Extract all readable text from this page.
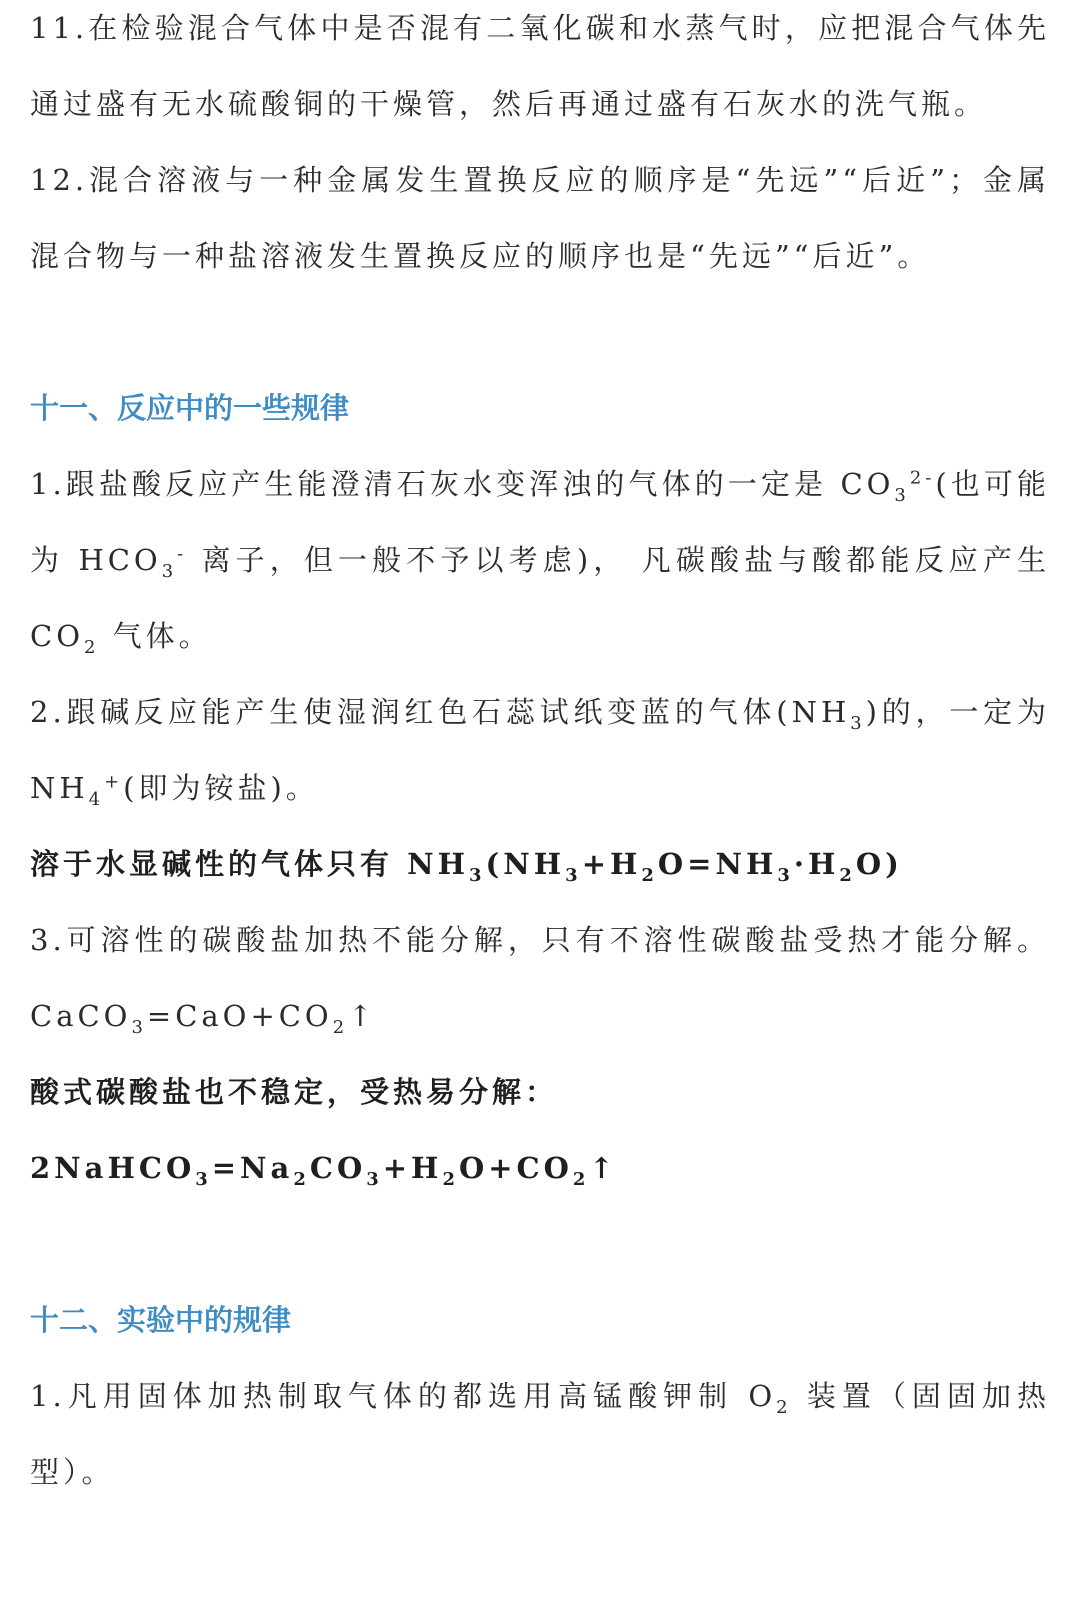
11.在检验混合气体中是否混有二氧化碳和水蒸气时，应把混合气体先通过盛有无水硫酸铜的干燥管，然后再通过盛有石灰水的洗气瓶。

12.混合溶液与一种金属发生置换反应的顺序是“先远”“后近”；金属混合物与一种盐溶液发生置换反应的顺序也是“先远”“后近”。

十一、反应中的一些规律

1.跟盐酸反应产生能澄清石灰水变浑浊的气体的一定是 $CO_3^{2-}$(也可能为 $HCO_3^-$ 离子，但一般不予以考虑)， 凡碳酸盐与酸都能反应产生 $CO_2$ 气体。

2.跟碱反应能产生使湿润红色石蕊试纸变蓝的气体$(NH_3)$的，一定为 $NH_4^+$(即为铵盐)。

溶于水显碱性的气体只有 $NH_3(NH_3+H_2O=NH_3\cdot H_2O)$

3.可溶性的碳酸盐加热不能分解，只有不溶性碳酸盐受热才能分解。 $CaCO_3=CaO+CO_2↑$

酸式碳酸盐也不稳定，受热易分解：

$2NaHCO_3=Na_2CO_3+H_2O+CO_2↑$

十二、实验中的规律

1.凡用固体加热制取气体的都选用高锰酸钾制 $O_2$ 装置（固固加热型）。
